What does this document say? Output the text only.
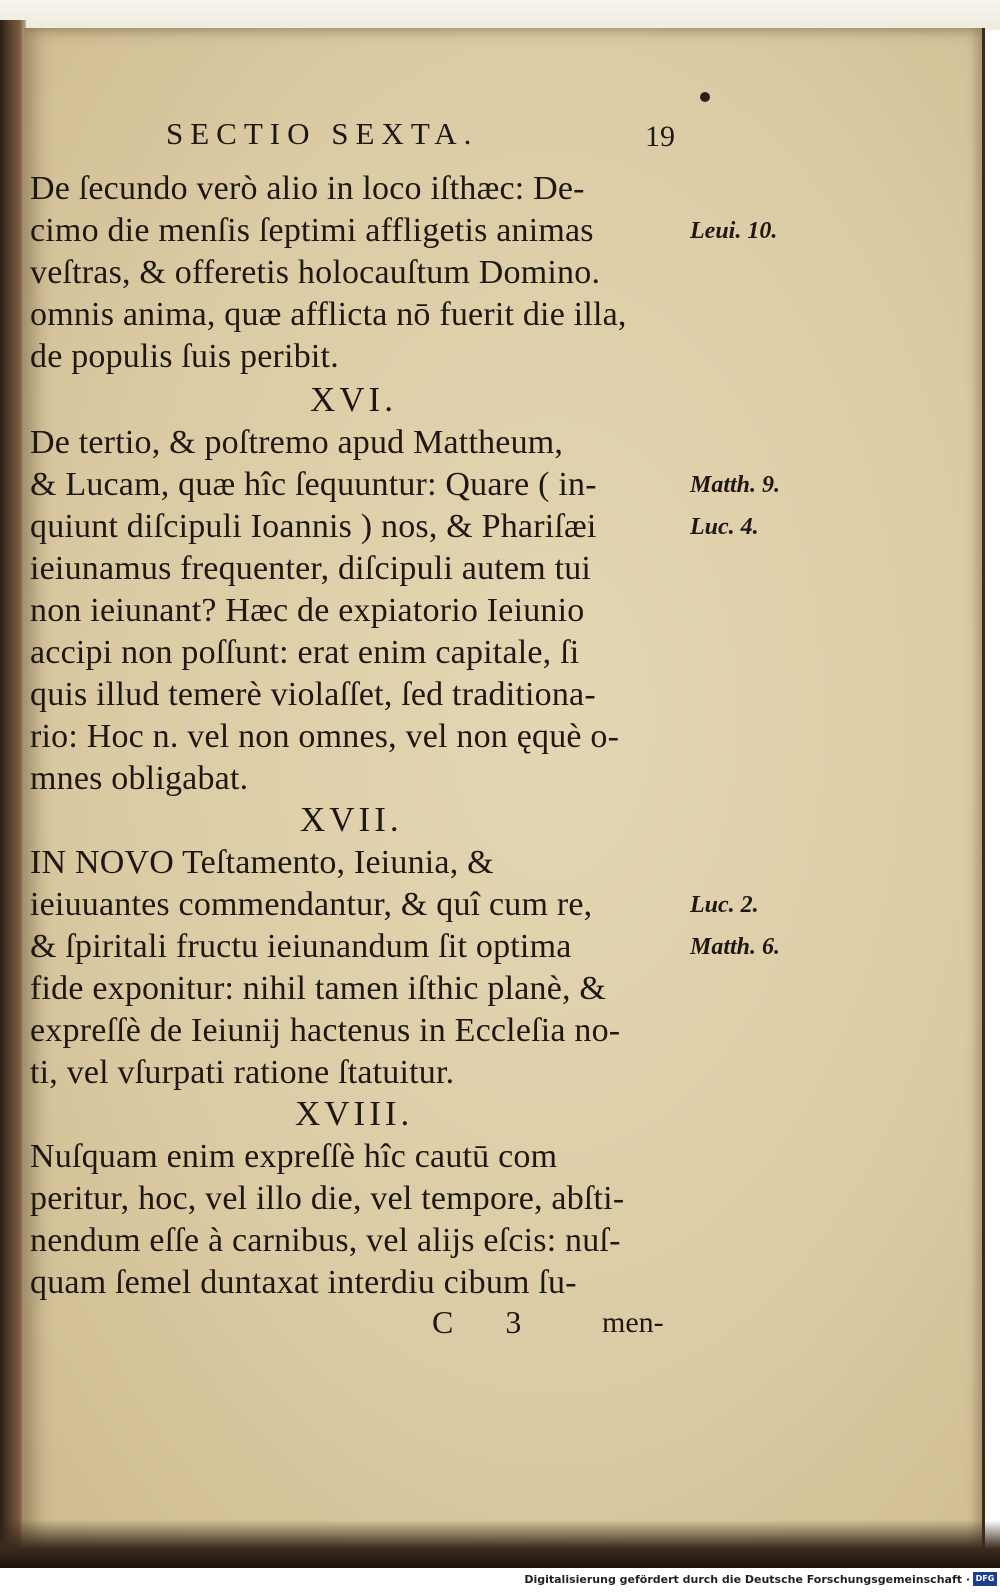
SECTIO SEXTA.	19
De ſecundo verò alio in loco iſthæc: De-
cimo die menſis ſeptimi affligetis animas
veſtras, & offeretis holocauſtum Domino.
omnis anima, quæ afflicta nō fuerit die illa,
de populis ſuis peribit.
XVI.
De tertio, & poſtremo apud Mattheum,
& Lucam, quæ hîc ſequuntur: Quare ( in-
quiunt diſcipuli Ioannis ) nos, & Phariſæi
ieiunamus frequenter, diſcipuli autem tui
non ieiunant? Hæc de expiatorio Ieiunio
accipi non poſſunt: erat enim capitale, ſi
quis illud temerè violaſſet, ſed traditiona-
rio: Hoc n. vel non omnes, vel non ęquè o-
mnes obligabat.
XVII.
IN NOVO Teſtamento, Ieiunia, &
ieiuuantes commendantur, & quî cum re,
& ſpiritali fructu ieiunandum ſit optima
fide exponitur: nihil tamen iſthic planè, &
expreſſè de Ieiunij hactenus in Eccleſia no-
ti, vel vſurpati ratione ſtatuitur.
XVIII.
Nuſquam enim expreſſè hîc cautū com
peritur, hoc, vel illo die, vel tempore, abſti-
nendum eſſe à carnibus, vel alijs eſcis: nuſ-
quam ſemel duntaxat interdiu cibum ſu-
C 3 men-
Leui. 10.
Matth. 9.
Luc. 4.
Luc. 2.
Matth. 6.
Digitalisierung gefördert durch die Deutsche Forschungsgemeinschaft · DFG
